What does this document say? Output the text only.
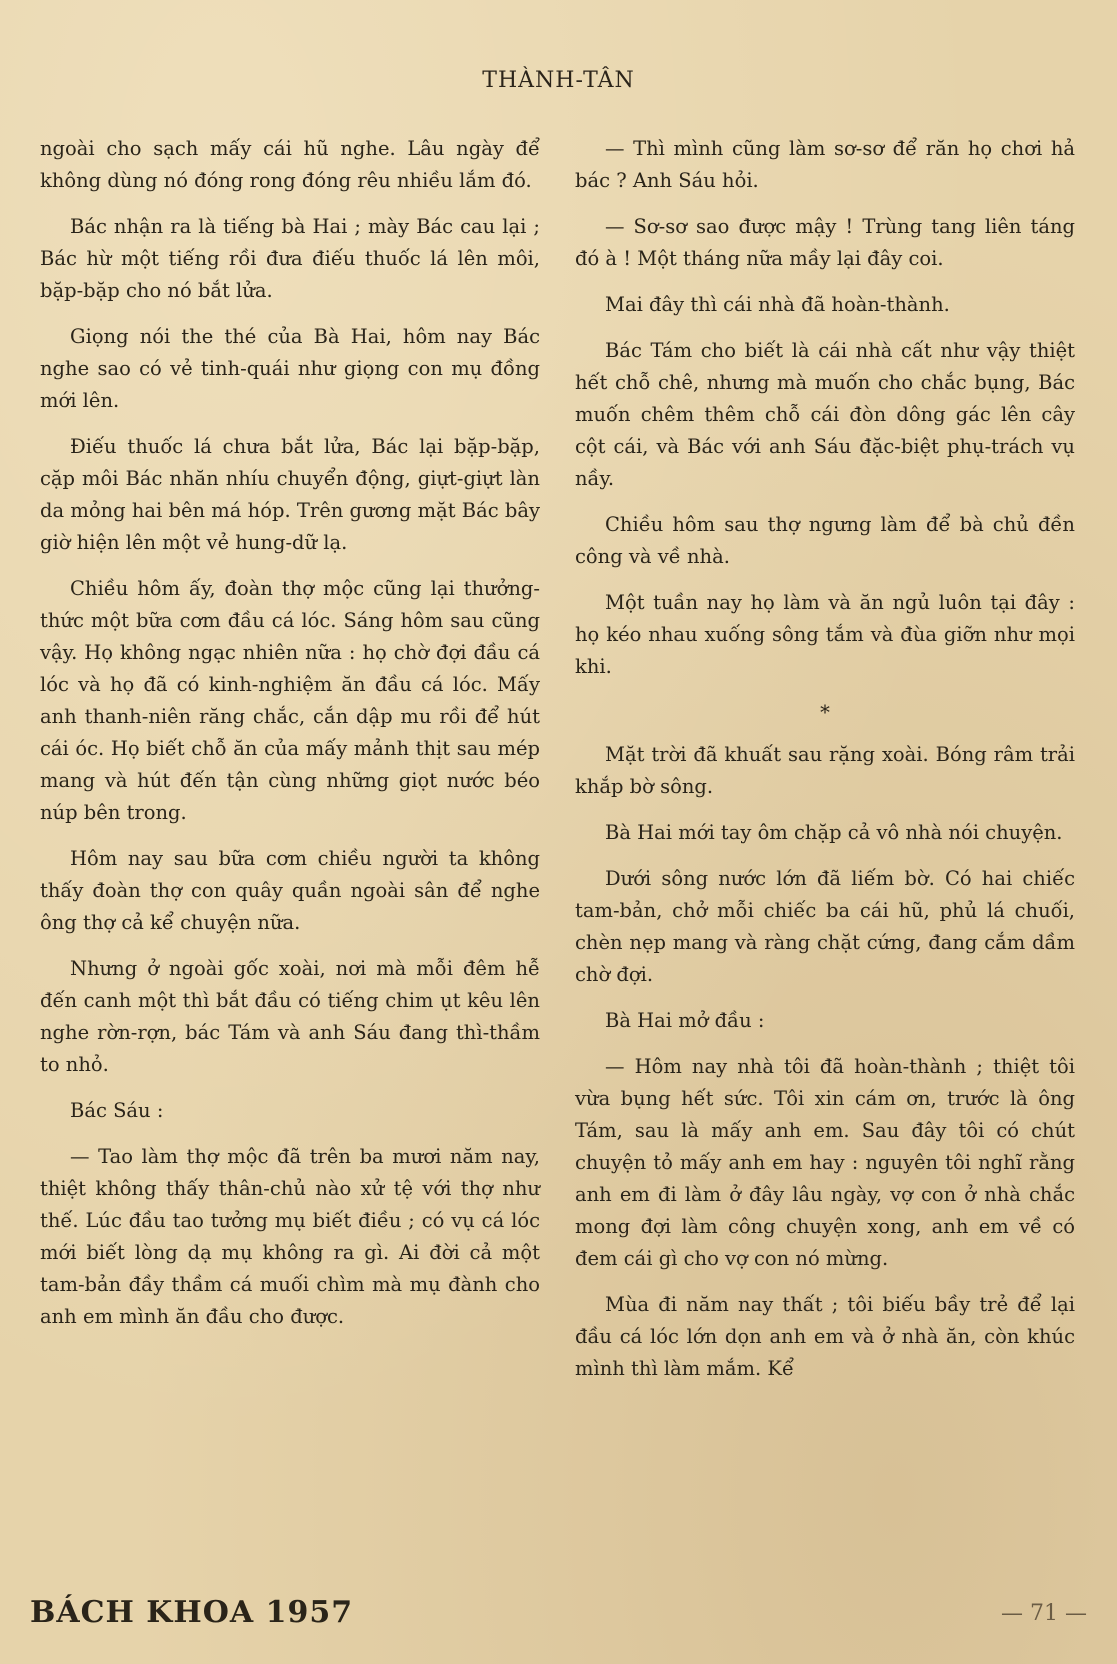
THÀNH-TÂN

ngoài cho sạch mấy cái hũ nghe. Lâu ngày để không dùng nó đóng rong đóng rêu nhiều lắm đó.

Bác nhận ra là tiếng bà Hai ; mày Bác cau lại ; Bác hừ một tiếng rồi đưa điếu thuốc lá lên môi, bặp-bặp cho nó bắt lửa.

Giọng nói the thé của Bà Hai, hôm nay Bác nghe sao có vẻ tinh-quái như giọng con mụ đồng mới lên.

Điếu thuốc lá chưa bắt lửa, Bác lại bặp-bặp, cặp môi Bác nhăn nhíu chuyển động, giựt-giựt làn da mỏng hai bên má hóp. Trên gương mặt Bác bây giờ hiện lên một vẻ hung-dữ lạ.

Chiều hôm ấy, đoàn thợ mộc cũng lại thưởng-thức một bữa cơm đầu cá lóc. Sáng hôm sau cũng vậy. Họ không ngạc nhiên nữa : họ chờ đợi đầu cá lóc và họ đã có kinh-nghiệm ăn đầu cá lóc. Mấy anh thanh-niên răng chắc, cắn dập mu rồi để hút cái óc. Họ biết chỗ ăn của mấy mảnh thịt sau mép mang và hút đến tận cùng những giọt nước béo núp bên trong.

Hôm nay sau bữa cơm chiều người ta không thấy đoàn thợ con quây quần ngoài sân để nghe ông thợ cả kể chuyện nữa.

Nhưng ở ngoài gốc xoài, nơi mà mỗi đêm hễ đến canh một thì bắt đầu có tiếng chim ụt kêu lên nghe rờn-rợn, bác Tám và anh Sáu đang thì-thầm to nhỏ.

Bác Sáu :

— Tao làm thợ mộc đã trên ba mươi năm nay, thiệt không thấy thân-chủ nào xử tệ với thợ như thế. Lúc đầu tao tưởng mụ biết điều ; có vụ cá lóc mới biết lòng dạ mụ không ra gì. Ai đời cả một tam-bản đầy thầm cá muối chìm mà mụ đành cho anh em mình ăn đầu cho được.

— Thì mình cũng làm sơ-sơ để răn họ chơi hả bác ? Anh Sáu hỏi.

— Sơ-sơ sao được mậy ! Trùng tang liên táng đó à ! Một tháng nữa mầy lại đây coi.

Mai đây thì cái nhà đã hoàn-thành.

Bác Tám cho biết là cái nhà cất như vậy thiệt hết chỗ chê, nhưng mà muốn cho chắc bụng, Bác muốn chêm thêm chỗ cái đòn dông gác lên cây cột cái, và Bác với anh Sáu đặc-biệt phụ-trách vụ nầy.

Chiều hôm sau thợ ngưng làm để bà chủ đền công và về nhà.

Một tuần nay họ làm và ăn ngủ luôn tại đây : họ kéo nhau xuống sông tắm và đùa giỡn như mọi khi.

*

Mặt trời đã khuất sau rặng xoài. Bóng râm trải khắp bờ sông.

Bà Hai mới tay ôm chặp cả vô nhà nói chuyện.

Dưới sông nước lớn đã liếm bờ. Có hai chiếc tam-bản, chở mỗi chiếc ba cái hũ, phủ lá chuối, chèn nẹp mang và ràng chặt cứng, đang cắm dầm chờ đợi.

Bà Hai mở đầu :

— Hôm nay nhà tôi đã hoàn-thành ; thiệt tôi vừa bụng hết sức. Tôi xin cám ơn, trước là ông Tám, sau là mấy anh em. Sau đây tôi có chút chuyện tỏ mấy anh em hay : nguyên tôi nghĩ rằng anh em đi làm ở đây lâu ngày, vợ con ở nhà chắc mong đợi làm công chuyện xong, anh em về có đem cái gì cho vợ con nó mừng.

Mùa đi năm nay thất ; tôi biếu bầy trẻ để lại đầu cá lóc lớn dọn anh em và ở nhà ăn, còn khúc mình thì làm mắm. Kể

BÁCH KHOA 1957	— 71 —
